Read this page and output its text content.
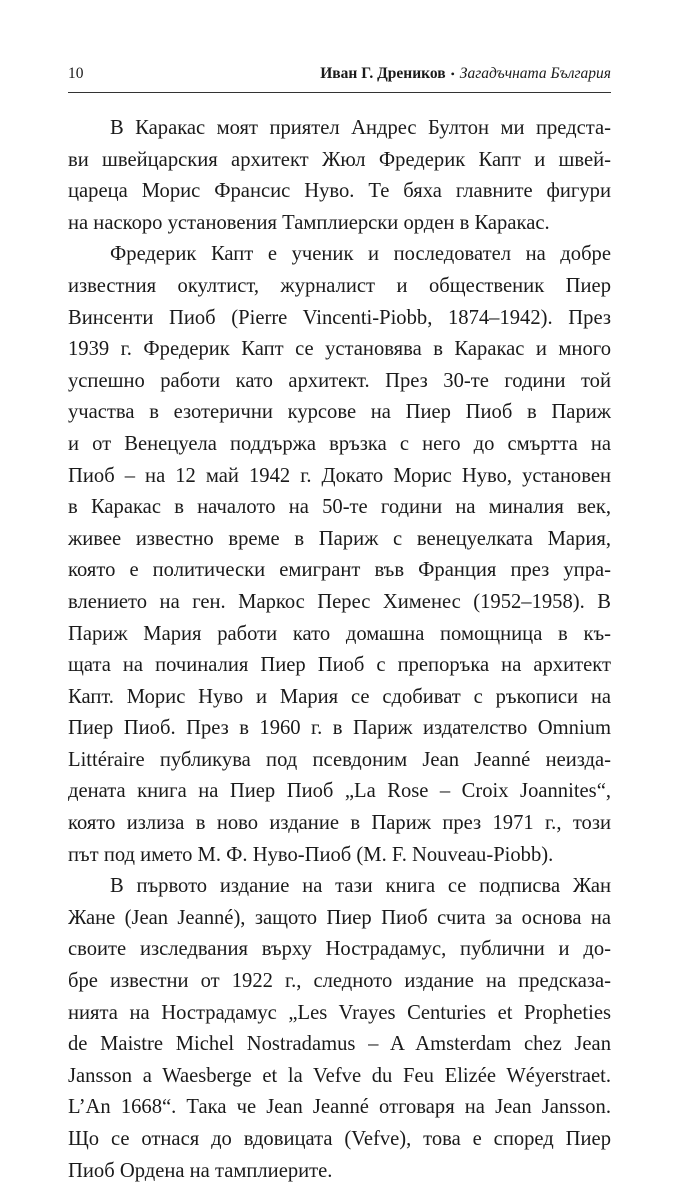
10	Иван Г. Дреников • Загадъчната България
В Каракас моят приятел Андрес Бултон ми предста-
ви швейцарския архитект Жюл Фредерик Капт и швей-
цареца Морис Франсис Нуво. Те бяха главните фигури
на наскоро установения Тамплиерски орден в Каракас.
Фредерик Капт е ученик и последовател на добре
известния окултист, журналист и общественик Пиер
Винсенти Пиоб (Pierre Vincenti-Piobb, 1874–1942). През
1939 г. Фредерик Капт се установява в Каракас и много
успешно работи като архитект. През 30-те години той
участва в езотерични курсове на Пиер Пиоб в Париж
и от Венецуела поддържа връзка с него до смъртта на
Пиоб – на 12 май 1942 г. Докато Морис Нуво, установен
в Каракас в началото на 50-те години на миналия век,
живее известно време в Париж с венецуелката Мария,
която е политически емигрант във Франция през упра-
влението на ген. Маркос Перес Хименес (1952–1958). В
Париж Мария работи като домашна помощница в къ-
щата на починалия Пиер Пиоб с препоръка на архитект
Капт. Морис Нуво и Мария се сдобиват с ръкописи на
Пиер Пиоб. През в 1960 г. в Париж издателство Omnium
Littéraire публикува под псевдоним Jean Jeanné неизда-
дената книга на Пиер Пиоб „La Rose – Croix Joannites“,
която излиза в ново издание в Париж през 1971 г., този
път под името М. Ф. Нуво-Пиоб (M. F. Nouveau-Piobb).
В първото издание на тази книга се подписва Жан
Жане (Jean Jeanné), защото Пиер Пиоб счита за основа на
своите изследвания върху Нострадамус, публични и до-
бре известни от 1922 г., следното издание на предсказа-
нията на Нострадамус „Les Vrayes Centuries et Prophеties
de Maistre Michel Nostradamus – A Amsterdam chez Jean
Jansson a Waesberge et la Vefve du Feu Elizée Wéyerstraet.
L’An 1668“. Така че Jean Jeanné отговаря на Jean Jansson.
Що се отнася до вдовицата (Vefve), това е според Пиер
Пиоб Ордена на тамплиерите.
